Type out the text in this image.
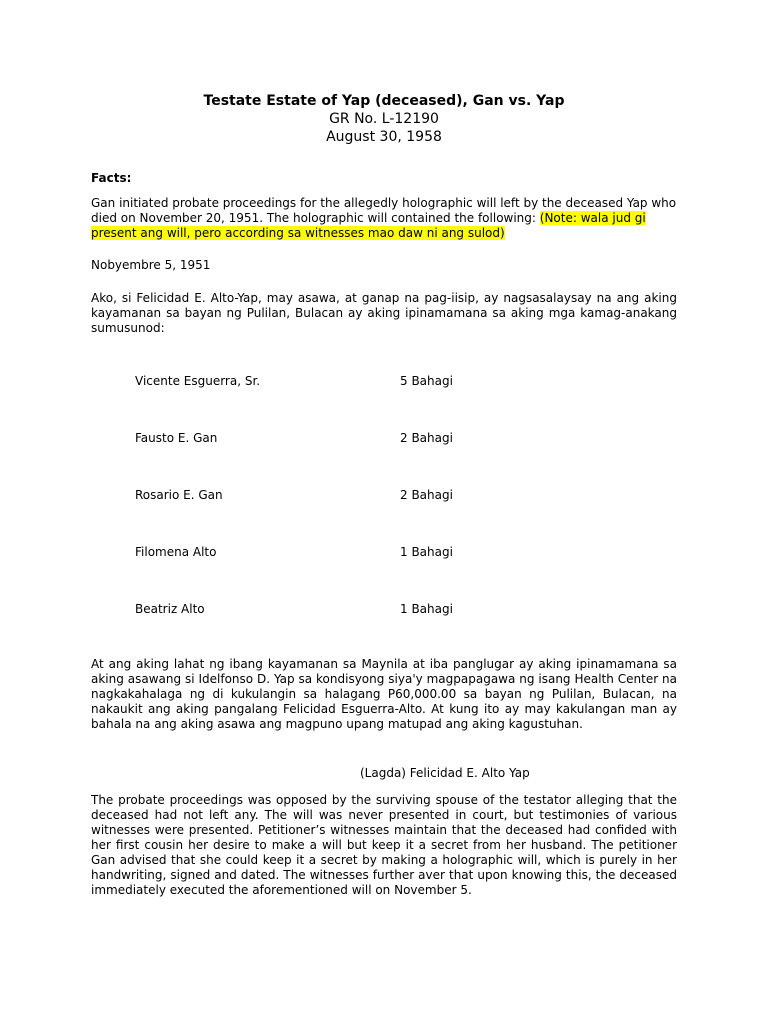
Testate Estate of Yap (deceased), Gan vs. Yap
GR No. L-12190
August 30, 1958
Facts:
Gan initiated probate proceedings for the allegedly holographic will left by the deceased Yap who died on November 20, 1951. The holographic will contained the following: (Note: wala jud gi present ang will, pero according sa witnesses mao daw ni ang sulod)
Nobyembre 5, 1951
Ako, si Felicidad E. Alto-Yap, may asawa, at ganap na pag-iisip, ay nagsasalaysay na ang aking kayamanan sa bayan ng Pulilan, Bulacan ay aking ipinamamana sa aking mga kamag-anakang sumusunod:
Vicente Esguerra, Sr.	5 Bahagi
Fausto E. Gan	2 Bahagi
Rosario E. Gan	2 Bahagi
Filomena Alto	1 Bahagi
Beatriz Alto	1 Bahagi
At ang aking lahat ng ibang kayamanan sa Maynila at iba panglugar ay aking ipinamamana sa aking asawang si Idelfonso D. Yap sa kondisyong siya'y magpapagawa ng isang Health Center na nagkakahalaga ng di kukulangin sa halagang P60,000.00 sa bayan ng Pulilan, Bulacan, na nakaukit ang aking pangalang Felicidad Esguerra-Alto. At kung ito ay may kakulangan man ay bahala na ang aking asawa ang magpuno upang matupad ang aking kagustuhan.
(Lagda) Felicidad E. Alto Yap
The probate proceedings was opposed by the surviving spouse of the testator alleging that the deceased had not left any. The will was never presented in court, but testimonies of various witnesses were presented. Petitioner’s witnesses maintain that the deceased had confided with her first cousin her desire to make a will but keep it a secret from her husband. The petitioner Gan advised that she could keep it a secret by making a holographic will, which is purely in her handwriting, signed and dated. The witnesses further aver that upon knowing this, the deceased immediately executed the aforementioned will on November 5.
